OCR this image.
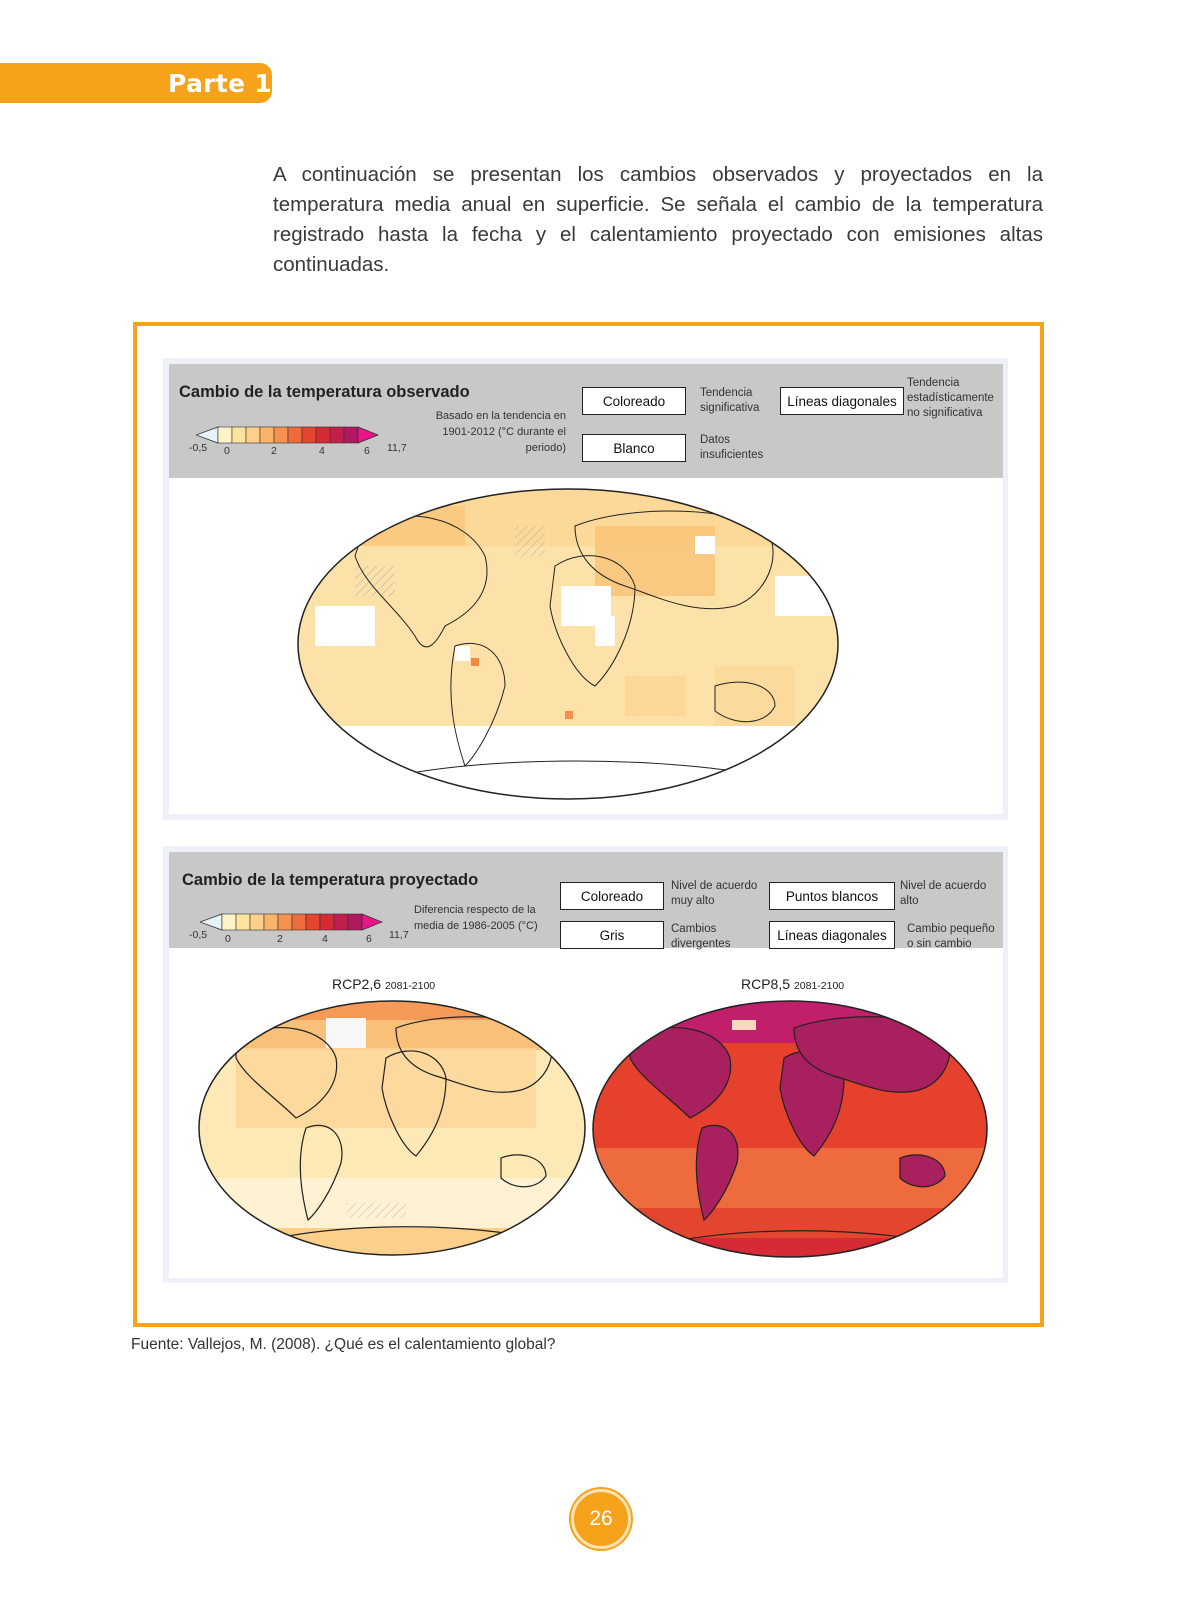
Parte 1

A continuación se presentan los cambios observados y proyectados en la temperatura media anual en superficie. Se señala el cambio de la temperatura registrado hasta la fecha y el calentamiento proyectado con emisiones altas continuadas.

Cambio de la temperatura observado
Basado en la tendencia en 1901-2012 (°C durante el periodo)
-0,5 0	2	4	6 11,7
Coloreado
Tendencia significativa
Blanco
Datos insuficientes
Líneas diagonales
Tendencia estadísticamente no significativa
Cambio de la temperatura proyectado
Diferencia respecto de la media de 1986-2005 (°C)
-0,5 0	2	4	6 11,7
Coloreado
Nivel de acuerdo muy alto
Gris	Cambios divergentes
Puntos blancos
Nivel de acuerdo alto
Líneas diagonales	Cambio pequeño o sin cambio
RCP2,6 2081-2100	RCP8,5 2081-2100
Fuente: Vallejos, M. (2008). ¿Qué es el calentamiento global?
26
